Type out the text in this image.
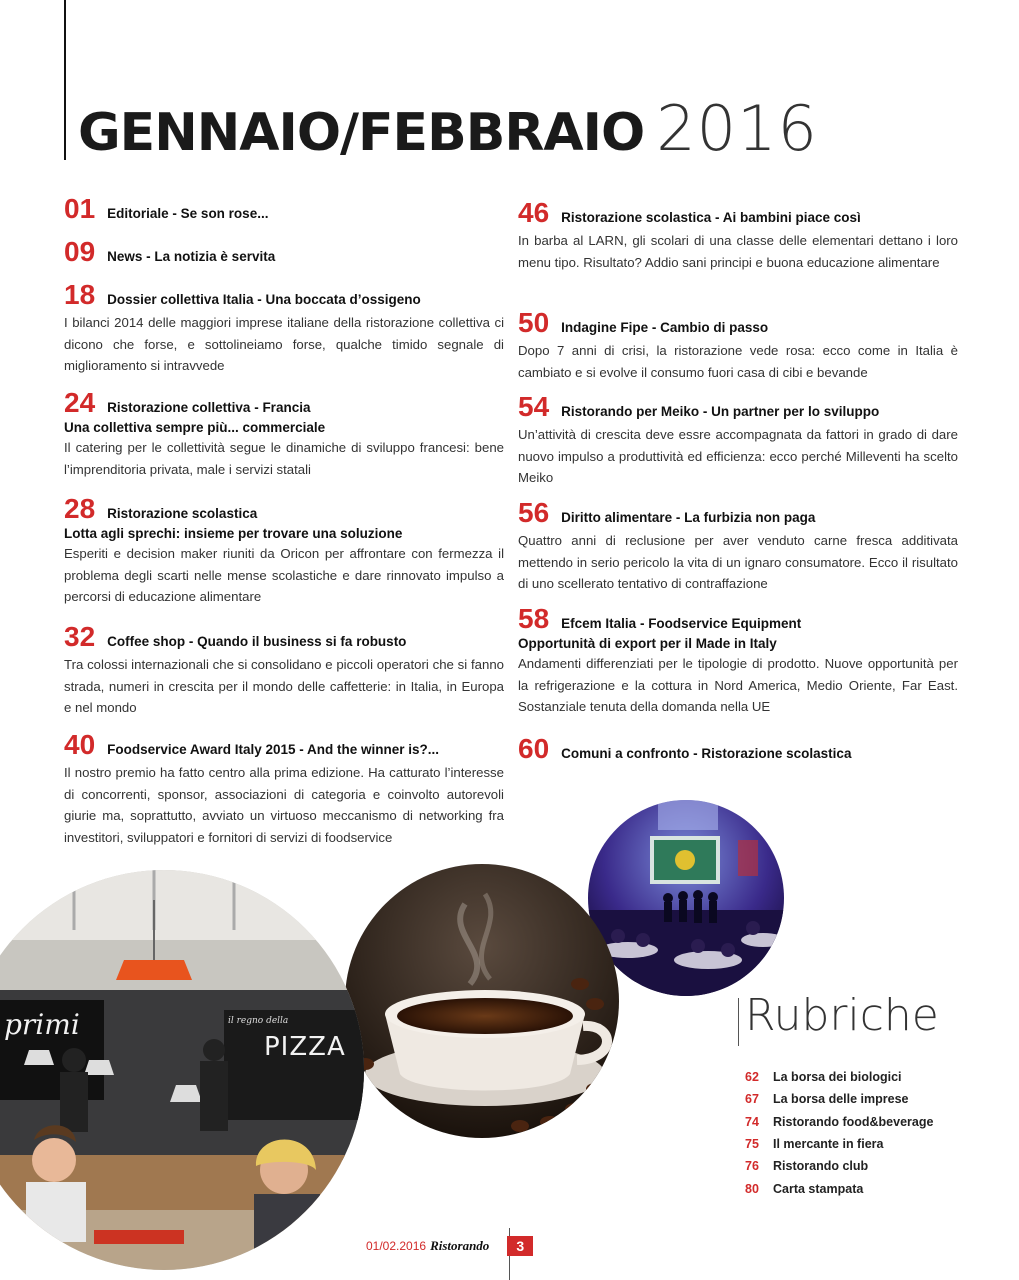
GENNAIO/FEBBRAIO 2016
01 Editoriale - Se son rose...
09 News - La notizia è servita
18 Dossier collettiva Italia - Una boccata d’ossigeno
I bilanci 2014 delle maggiori imprese italiane della ristorazione collettiva ci dicono che forse, e sottolineiamo forse, qualche timido segnale di miglioramento si intravvede
24 Ristorazione collettiva - Francia
Una collettiva sempre più... commerciale
Il catering per le collettività segue le dinamiche di sviluppo francesi: bene l’imprenditoria privata, male i servizi statali
28 Ristorazione scolastica
Lotta agli sprechi: insieme per trovare una soluzione
Esperiti e decision maker riuniti da Oricon per affrontare con fermezza il problema degli scarti nelle mense scolastiche e dare rinnovato impulso a percorsi di educazione alimentare
32 Coffee shop - Quando il business si fa robusto
Tra colossi internazionali che si consolidano e piccoli operatori che si fanno strada, numeri in crescita per il mondo delle caffetterie: in Italia, in Europa e nel mondo
40 Foodservice Award Italy 2015 - And the winner is?...
Il nostro premio ha fatto centro alla prima edizione. Ha catturato l’interesse di concorrenti, sponsor, associazioni di categoria e coinvolto autorevoli giurie ma, soprattutto, avviato un virtuoso meccanismo di networking fra investitori, sviluppatori e fornitori di servizi di foodservice
46 Ristorazione scolastica - Ai bambini piace così
In barba al LARN, gli scolari di una classe delle elementari dettano i loro menu tipo. Risultato? Addio sani principi e buona educazione alimentare
50 Indagine Fipe - Cambio di passo
Dopo 7 anni di crisi, la ristorazione vede rosa: ecco come in Italia è cambiato e si evolve il consumo fuori casa di cibi e bevande
54 Ristorando per Meiko - Un partner per lo sviluppo
Un’attività di crescita deve essre accompagnata da fattori in grado di dare nuovo impulso a produttività ed efficienza: ecco perché Milleventi ha scelto Meiko
56 Diritto alimentare - La furbizia non paga
Quattro anni di reclusione per aver venduto carne fresca additivata mettendo in serio pericolo la vita di un ignaro consumatore. Ecco il risultato di uno scellerato tentativo di contraffazione
58 Efcem Italia - Foodservice Equipment
Opportunità di export per il Made in Italy
Andamenti differenziati per le tipologie di prodotto. Nuove opportunità per la refrigerazione e la cottura in Nord America, Medio Oriente, Far East. Sostanziale tenuta della domanda nella UE
60 Comuni a confronto - Ristorazione scolastica
primi	il regno della
PIZZA
Rubriche
62	La borsa dei biologici
67	La borsa delle imprese
74	Ristorando food&beverage
75	Il mercante in fiera
76	Ristorando club
80	Carta stampata
01/02.2016 Ristorando	3
